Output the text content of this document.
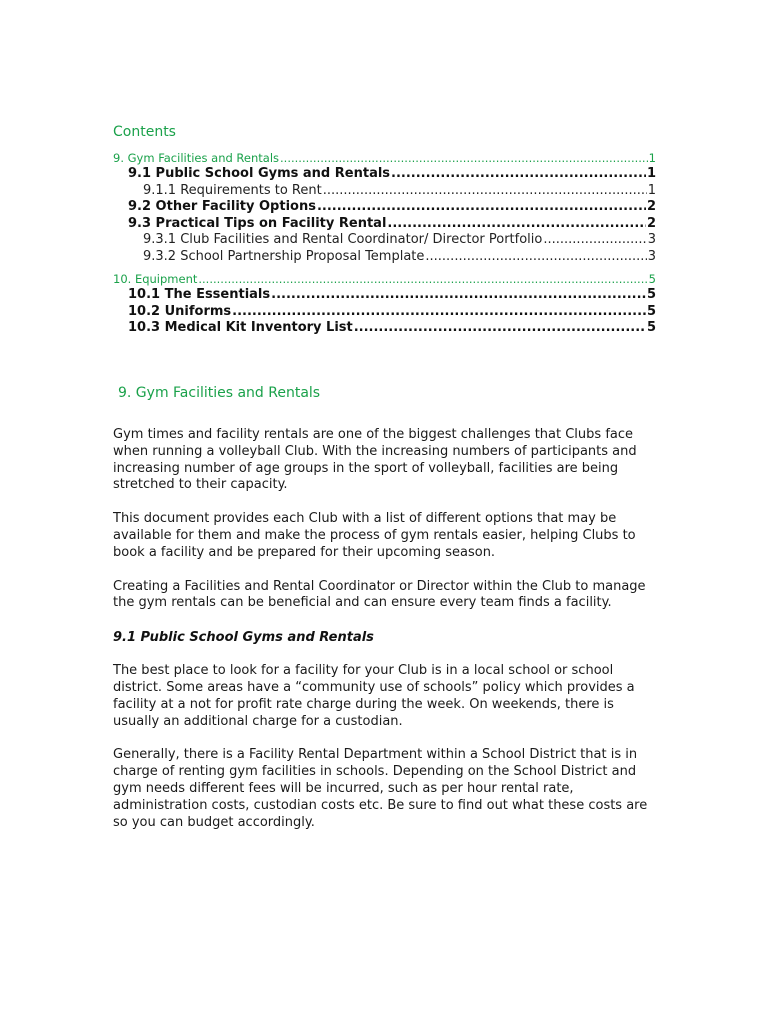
Contents
9. Gym Facilities and Rentals .....	1
9.1 Public School Gyms and Rentals .....	1
9.1.1 Requirements to Rent .....	1
9.2 Other Facility Options .....	2
9.3 Practical Tips on Facility Rental .....	2
9.3.1 Club Facilities and Rental Coordinator/ Director Portfolio .....	3
9.3.2 School Partnership Proposal Template .....	3
10. Equipment .....	5
10.1 The Essentials .....	5
10.2 Uniforms .....	5
10.3 Medical Kit Inventory List .....	5
9. Gym Facilities and Rentals

Gym times and facility rentals are one of the biggest challenges that Clubs face when running a volleyball Club. With the increasing numbers of participants and increasing number of age groups in the sport of volleyball, facilities are being stretched to their capacity.

This document provides each Club with a list of different options that may be available for them and make the process of gym rentals easier, helping Clubs to book a facility and be prepared for their upcoming season.

Creating a Facilities and Rental Coordinator or Director within the Club to manage the gym rentals can be beneficial and can ensure every team finds a facility.

9.1 Public School Gyms and Rentals

The best place to look for a facility for your Club is in a local school or school district. Some areas have a “community use of schools” policy which provides a facility at a not for profit rate charge during the week. On weekends, there is usually an additional charge for a custodian.

Generally, there is a Facility Rental Department within a School District that is in charge of renting gym facilities in schools. Depending on the School District and gym needs different fees will be incurred, such as per hour rental rate, administration costs, custodian costs etc. Be sure to find out what these costs are so you can budget accordingly.
